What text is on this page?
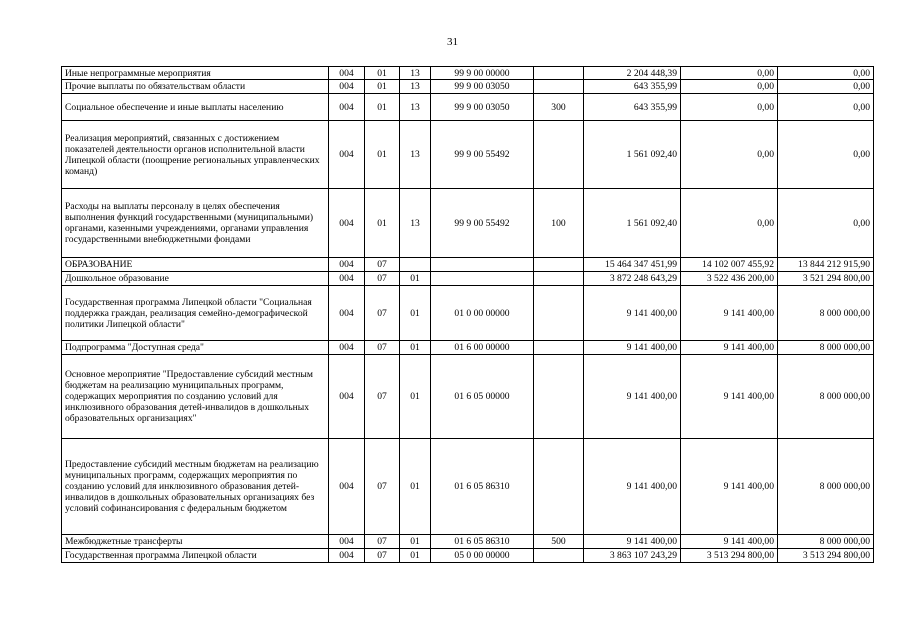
31
Иные непрограммные мероприятия	004	01	13	99 9 00 00000		2 204 448,39	0,00	0,00
Прочие выплаты по обязательствам области	004	01	13	99 9 00 03050		643 355,99	0,00	0,00
Социальное обеспечение и иные выплаты населению	004	01	13	99 9 00 03050	300	643 355,99	0,00	0,00
Реализация мероприятий, связанных с достижением показателей деятельности органов исполнительной власти Липецкой области (поощрение региональных управленческих команд)	004	01	13	99 9 00 55492		1 561 092,40	0,00	0,00
Расходы на выплаты персоналу в целях обеспечения выполнения функций государственными (муниципальными) органами, казенными учреждениями, органами управления государственными внебюджетными фондами	004	01	13	99 9 00 55492	100	1 561 092,40	0,00	0,00
ОБРАЗОВАНИЕ	004	07				15 464 347 451,99	14 102 007 455,92	13 844 212 915,90
Дошкольное образование	004	07	01			3 872 248 643,29	3 522 436 200,00	3 521 294 800,00
Государственная программа Липецкой области "Социальная поддержка граждан, реализация семейно-демографической политики Липецкой области"	004	07	01	01 0 00 00000		9 141 400,00	9 141 400,00	8 000 000,00
Подпрограмма "Доступная среда"	004	07	01	01 6 00 00000		9 141 400,00	9 141 400,00	8 000 000,00
Основное мероприятие "Предоставление субсидий местным бюджетам на реализацию муниципальных программ, содержащих мероприятия по созданию условий для инклюзивного образования детей-инвалидов в дошкольных образовательных организациях"	004	07	01	01 6 05 00000		9 141 400,00	9 141 400,00	8 000 000,00
Предоставление субсидий местным бюджетам на реализацию муниципальных программ, содержащих мероприятия по созданию условий для инклюзивного образования детей-инвалидов в дошкольных образовательных организациях без условий софинансирования с федеральным бюджетом	004	07	01	01 6 05 86310		9 141 400,00	9 141 400,00	8 000 000,00
Межбюджетные трансферты	004	07	01	01 6 05 86310	500	9 141 400,00	9 141 400,00	8 000 000,00
Государственная программа Липецкой области	004	07	01	05 0 00 00000		3 863 107 243,29	3 513 294 800,00	3 513 294 800,00
